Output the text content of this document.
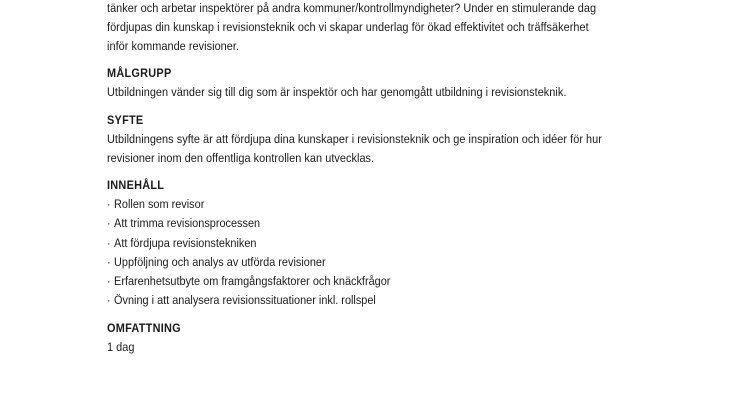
tänker och arbetar inspektörer på andra kommuner/kontrollmyndigheter? Under en stimulerande dag
fördjupas din kunskap i revisionsteknik och vi skapar underlag för ökad effektivitet och träffsäkerhet
inför kommande revisioner.

MÅLGRUPP

Utbildningen vänder sig till dig som är inspektör och har genomgått utbildning i revisionsteknik.

SYFTE

Utbildningens syfte är att fördjupa dina kunskaper i revisionsteknik och ge inspiration och idéer för hur
revisioner inom den offentliga kontrollen kan utvecklas.

INNEHÅLL
· Rollen som revisor
· Att trimma revisionsprocessen
· Att fördjupa revisionstekniken
· Uppföljning och analys av utförda revisioner
· Erfarenhetsutbyte om framgångsfaktorer och knäckfrågor
· Övning i att analysera revisionssituationer inkl. rollspel
OMFATTNING

1 dag
